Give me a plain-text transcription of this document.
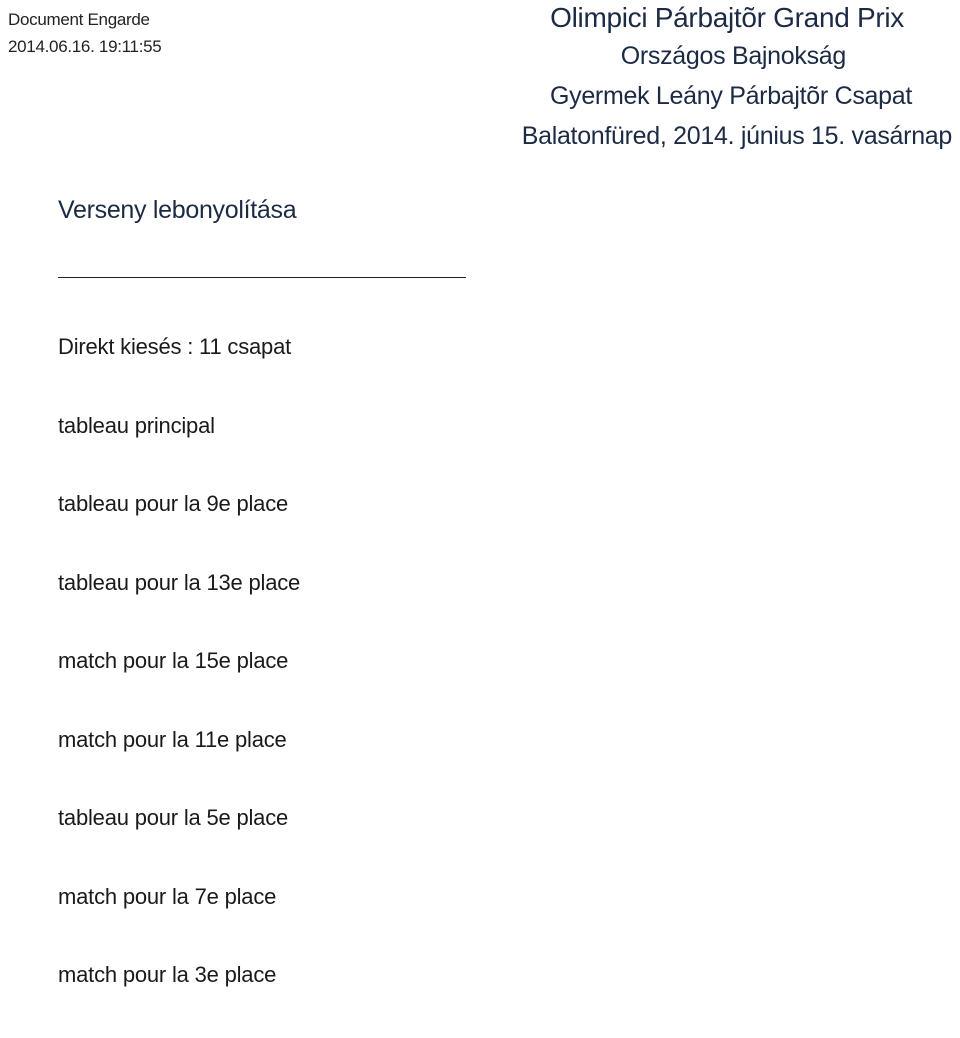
Document Engarde
2014.06.16. 19:11:55
Olimpici Párbajtõr Grand Prix
Országos Bajnokság
Gyermek Leány Párbajtõr Csapat
Balatonfüred, 2014. június 15. vasárnap
Verseny lebonyolítása
Direkt kiesés : 11 csapat
tableau principal
tableau pour la 9e place
tableau pour la 13e place
match pour la 15e place
match pour la 11e place
tableau pour la 5e place
match pour la 7e place
match pour la 3e place
